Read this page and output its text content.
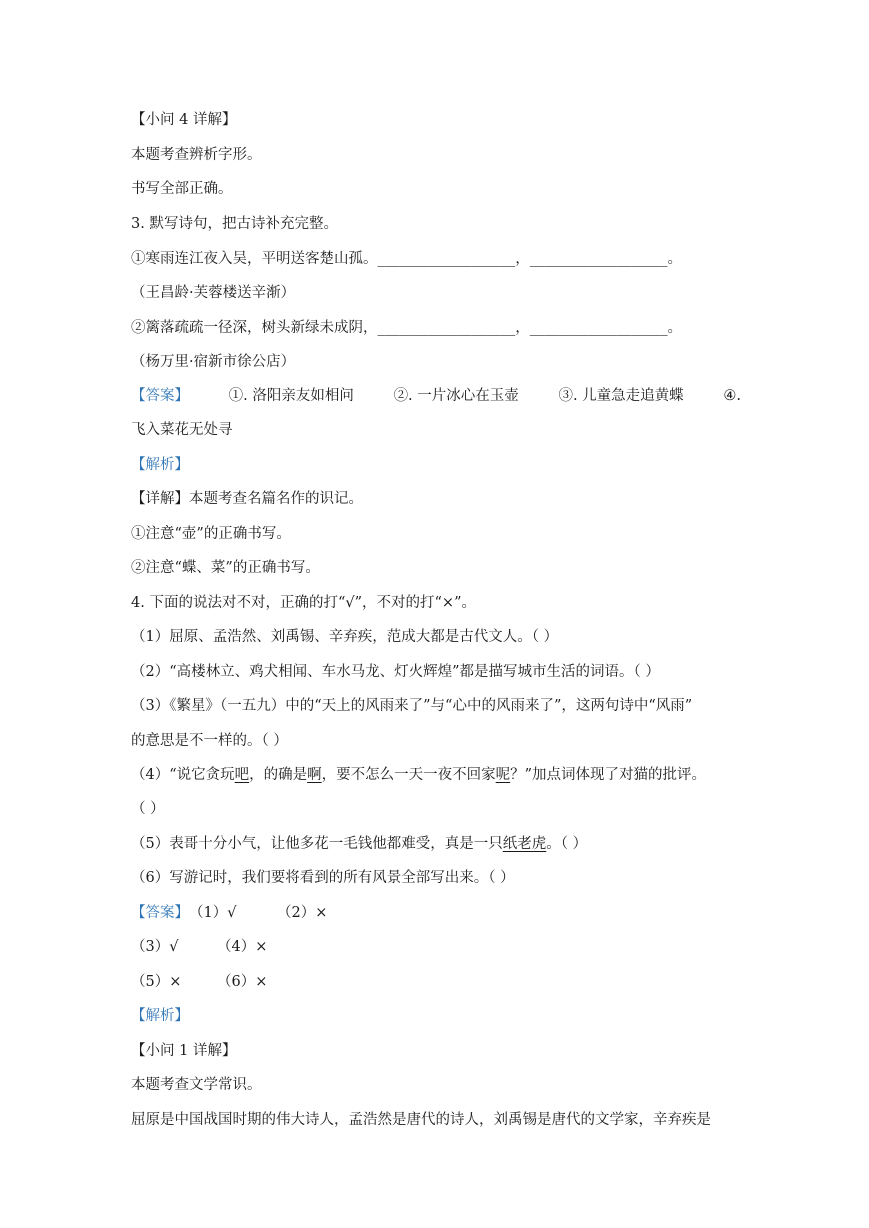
【小问 4 详解】
本题考查辨析字形。
书写全部正确。
3. 默写诗句，把古诗补充完整。
①寒雨连江夜入吴，平明送客楚山孤。___________________，___________________。
（王昌龄·芙蓉楼送辛渐）
②篱落疏疏一径深，树头新绿未成阴，___________________，___________________。
（杨万里·宿新市徐公店）
【答案】	①. 洛阳亲友如相问	②. 一片冰心在玉壶	③. 儿童急走追黄蝶	④.
飞入菜花无处寻
【解析】
【详解】本题考查名篇名作的识记。
①注意“壶”的正确书写。
②注意“蝶、菜”的正确书写。
4. 下面的说法对不对，正确的打“√”，不对的打“×”。
（1）屈原、孟浩然、刘禹锡、辛弃疾，范成大都是古代文人。（ ）
（2）“高楼林立、鸡犬相闻、车水马龙、灯火辉煌”都是描写城市生活的词语。（ ）
（3）《繁星》（一五九）中的“天上的风雨来了”与“心中的风雨来了”，这两句诗中“风雨”
的意思是不一样的。（ ）
（4）“说它贪玩吧，的确是啊，要不怎么一天一夜不回家呢？”加点词体现了对猫的批评。
（ ）
（5）表哥十分小气，让他多花一毛钱他都难受，真是一只纸老虎。（ ）
（6）写游记时，我们要将看到的所有风景全部写出来。（ ）
【答案】（1）√	（2）×
（3）√	（4）×
（5）× （6）×
【解析】
【小问 1 详解】
本题考查文学常识。
屈原是中国战国时期的伟大诗人，孟浩然是唐代的诗人，刘禹锡是唐代的文学家，辛弃疾是
